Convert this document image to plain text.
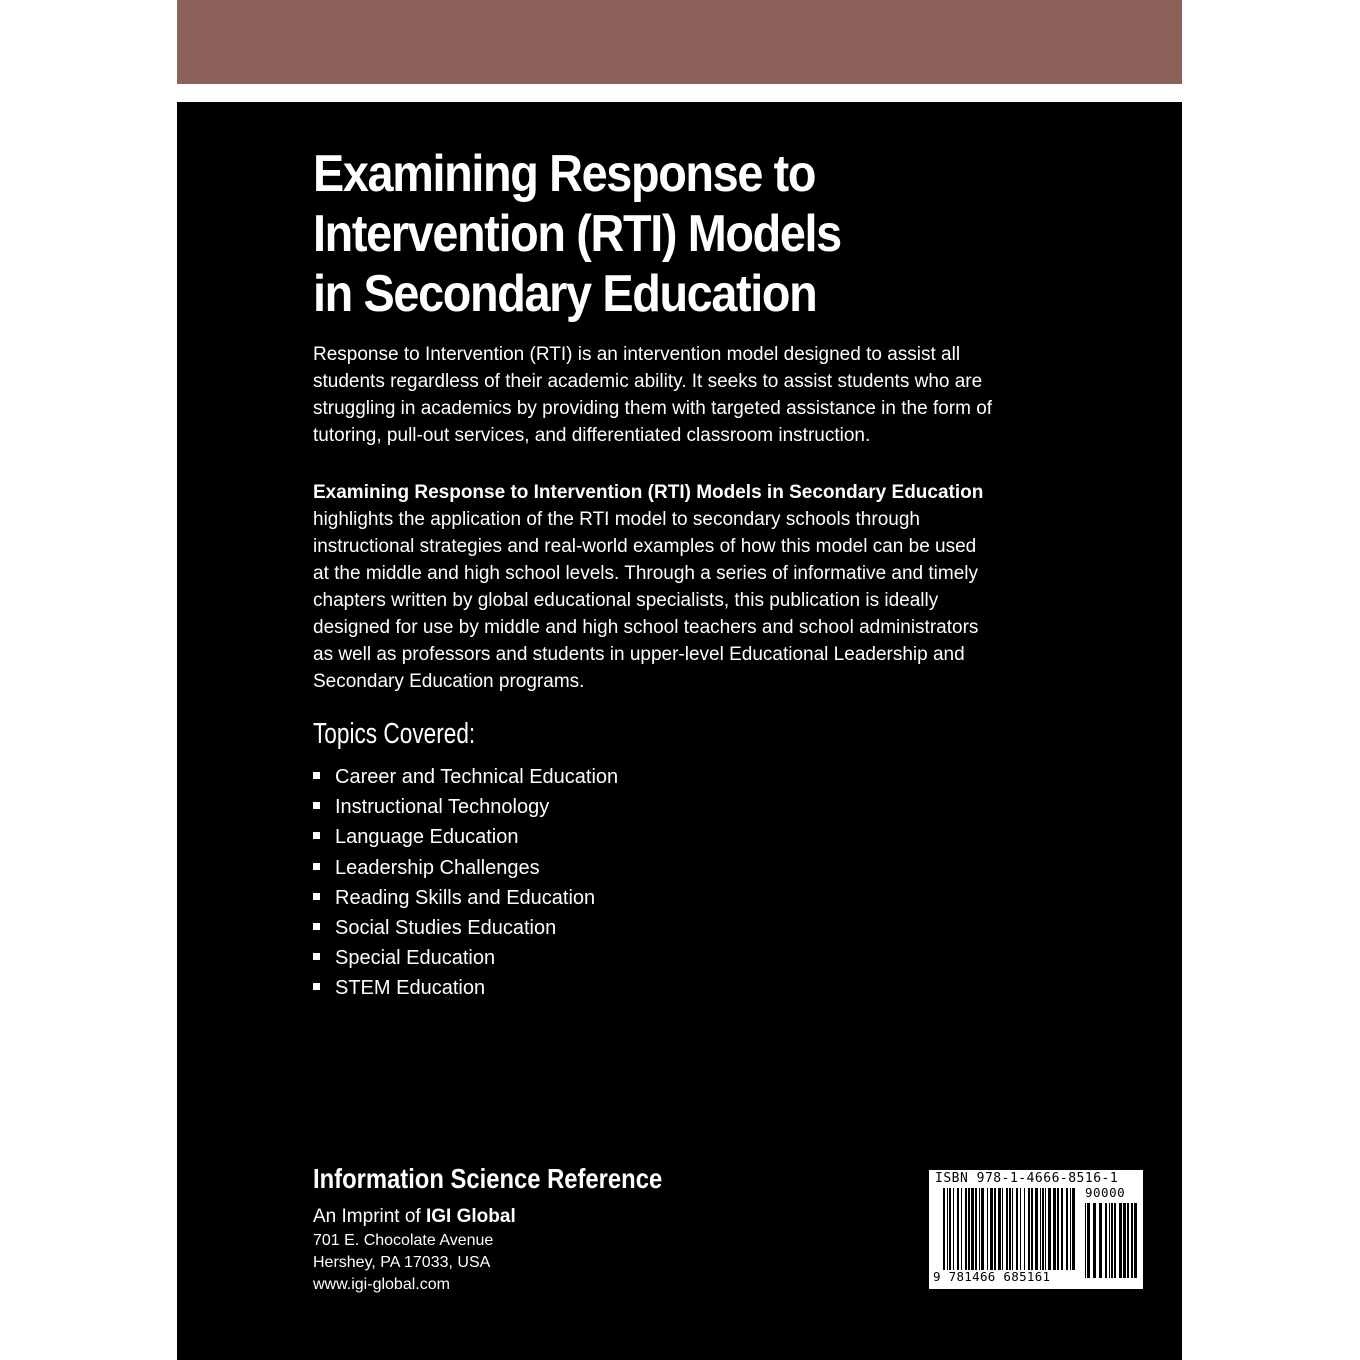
Examining Response to
Intervention (RTI) Models
in Secondary Education

Response to Intervention (RTI) is an intervention model designed to assist all
students regardless of their academic ability. It seeks to assist students who are
struggling in academics by providing them with targeted assistance in the form of
tutoring, pull-out services, and differentiated classroom instruction.

Examining Response to Intervention (RTI) Models in Secondary Education
highlights the application of the RTI model to secondary schools through
instructional strategies and real-world examples of how this model can be used
at the middle and high school levels. Through a series of informative and timely
chapters written by global educational specialists, this publication is ideally
designed for use by middle and high school teachers and school administrators
as well as professors and students in upper-level Educational Leadership and
Secondary Education programs.

Topics Covered:
Career and Technical Education
Instructional Technology
Language Education
Leadership Challenges
Reading Skills and Education
Social Studies Education
Special Education
STEM Education
Information Science Reference
An Imprint of IGI Global
701 E. Chocolate Avenue
Hershey, PA 17033, USA
www.igi-global.com
ISBN 978-1-4666-8516-1
90000
9 781466 685161
